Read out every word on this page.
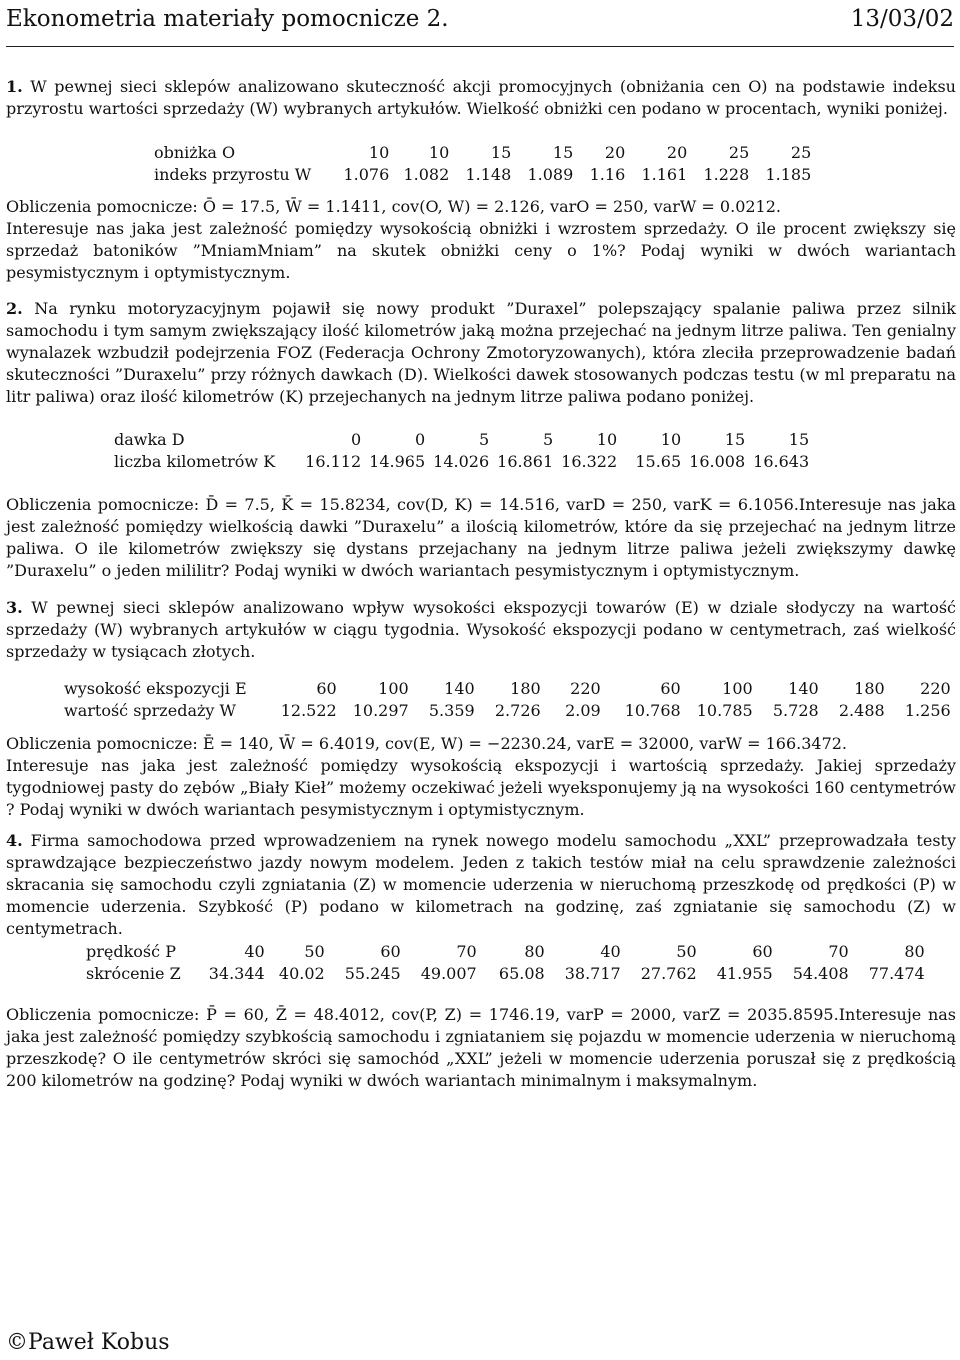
Ekonometria materiały pomocnicze 2.	13/03/02

1. W pewnej sieci sklepów analizowano skuteczność akcji promocyjnych (obniżania cen O) na podstawie indeksu przyrostu wartości sprzedaży (W) wybranych artykułów. Wielkość obniżki cen podano w procentach, wyniki poniżej.

obniżka O	10	10	15	15	20	20	25	25
indeks przyrostu W	1.076	1.082	1.148	1.089	1.16	1.161	1.228	1.185

Obliczenia pomocnicze: Ō = 17.5, W̄ = 1.1411, cov(O, W) = 2.126, varO = 250, varW = 0.0212.

Interesuje nas jaka jest zależność pomiędzy wysokością obniżki i wzrostem sprzedaży. O ile procent zwiększy się sprzedaż batoników ”MniamMniam” na skutek obniżki ceny o 1%? Podaj wyniki w dwóch wariantach pesymistycznym i optymistycznym.

2. Na rynku motoryzacyjnym pojawił się nowy produkt ”Duraxel” polepszający spalanie paliwa przez silnik samochodu i tym samym zwiększający ilość kilometrów jaką można przejechać na jednym litrze paliwa. Ten genialny wynalazek wzbudził podejrzenia FOZ (Federacja Ochrony Zmotoryzowanych), która zleciła przeprowadzenie badań skuteczności ”Duraxelu” przy różnych dawkach (D). Wielkości dawek stosowanych podczas testu (w ml preparatu na litr paliwa) oraz ilość kilometrów (K) przejechanych na jednym litrze paliwa podano poniżej.

dawka D	0	0	5	5	10	10	15	15
liczba kilometrów K	16.112	14.965	14.026	16.861	16.322	15.65	16.008	16.643

Obliczenia pomocnicze: D̄ = 7.5, K̄ = 15.8234, cov(D, K) = 14.516, varD = 250, varK = 6.1056.Interesuje nas jaka jest zależność pomiędzy wielkością dawki ”Duraxelu” a ilością kilometrów, które da się przejechać na jednym litrze paliwa. O ile kilometrów zwiększy się dystans przejachany na jednym litrze paliwa jeżeli zwiększymy dawkę ”Duraxelu” o jeden mililitr? Podaj wyniki w dwóch wariantach pesymistycznym i optymistycznym.

3. W pewnej sieci sklepów analizowano wpływ wysokości ekspozycji towarów (E) w dziale słodyczy na wartość sprzedaży (W) wybranych artykułów w ciągu tygodnia. Wysokość ekspozycji podano w centymetrach, zaś wielkość sprzedaży w tysiącach złotych.

wysokość ekspozycji E	60	100	140	180	220	60	100	140	180	220
wartość sprzedaży W	12.522	10.297	5.359	2.726	2.09	10.768	10.785	5.728	2.488	1.256

Obliczenia pomocnicze: Ē = 140, W̄ = 6.4019, cov(E, W) = −2230.24, varE = 32000, varW = 166.3472.

Interesuje nas jaka jest zależność pomiędzy wysokością ekspozycji i wartością sprzedaży. Jakiej sprzedaży tygodniowej pasty do zębów „Biały Kieł” możemy oczekiwać jeżeli wyeksponujemy ją na wysokości 160 centymetrów ? Podaj wyniki w dwóch wariantach pesymistycznym i optymistycznym.

4. Firma samochodowa przed wprowadzeniem na rynek nowego modelu samochodu „XXL” przeprowadzała testy sprawdzające bezpieczeństwo jazdy nowym modelem. Jeden z takich testów miał na celu sprawdzenie zależności skracania się samochodu czyli zgniatania (Z) w momencie uderzenia w nieruchomą przeszkodę od prędkości (P) w momencie uderzenia. Szybkość (P) podano w kilometrach na godzinę, zaś zgniatanie się samochodu (Z) w centymetrach.

prędkość P	40	50	60	70	80	40	50	60	70	80
skrócenie Z	34.344	40.02	55.245	49.007	65.08	38.717	27.762	41.955	54.408	77.474

Obliczenia pomocnicze: P̄ = 60, Z̄ = 48.4012, cov(P, Z) = 1746.19, varP = 2000, varZ = 2035.8595.Interesuje nas jaka jest zależność pomiędzy szybkością samochodu i zgniataniem się pojazdu w momencie uderzenia w nieruchomą przeszkodę? O ile centymetrów skróci się samochód „XXL” jeżeli w momencie uderzenia poruszał się z prędkością 200 kilometrów na godzinę? Podaj wyniki w dwóch wariantach minimalnym i maksymalnym.

©Paweł Kobus
